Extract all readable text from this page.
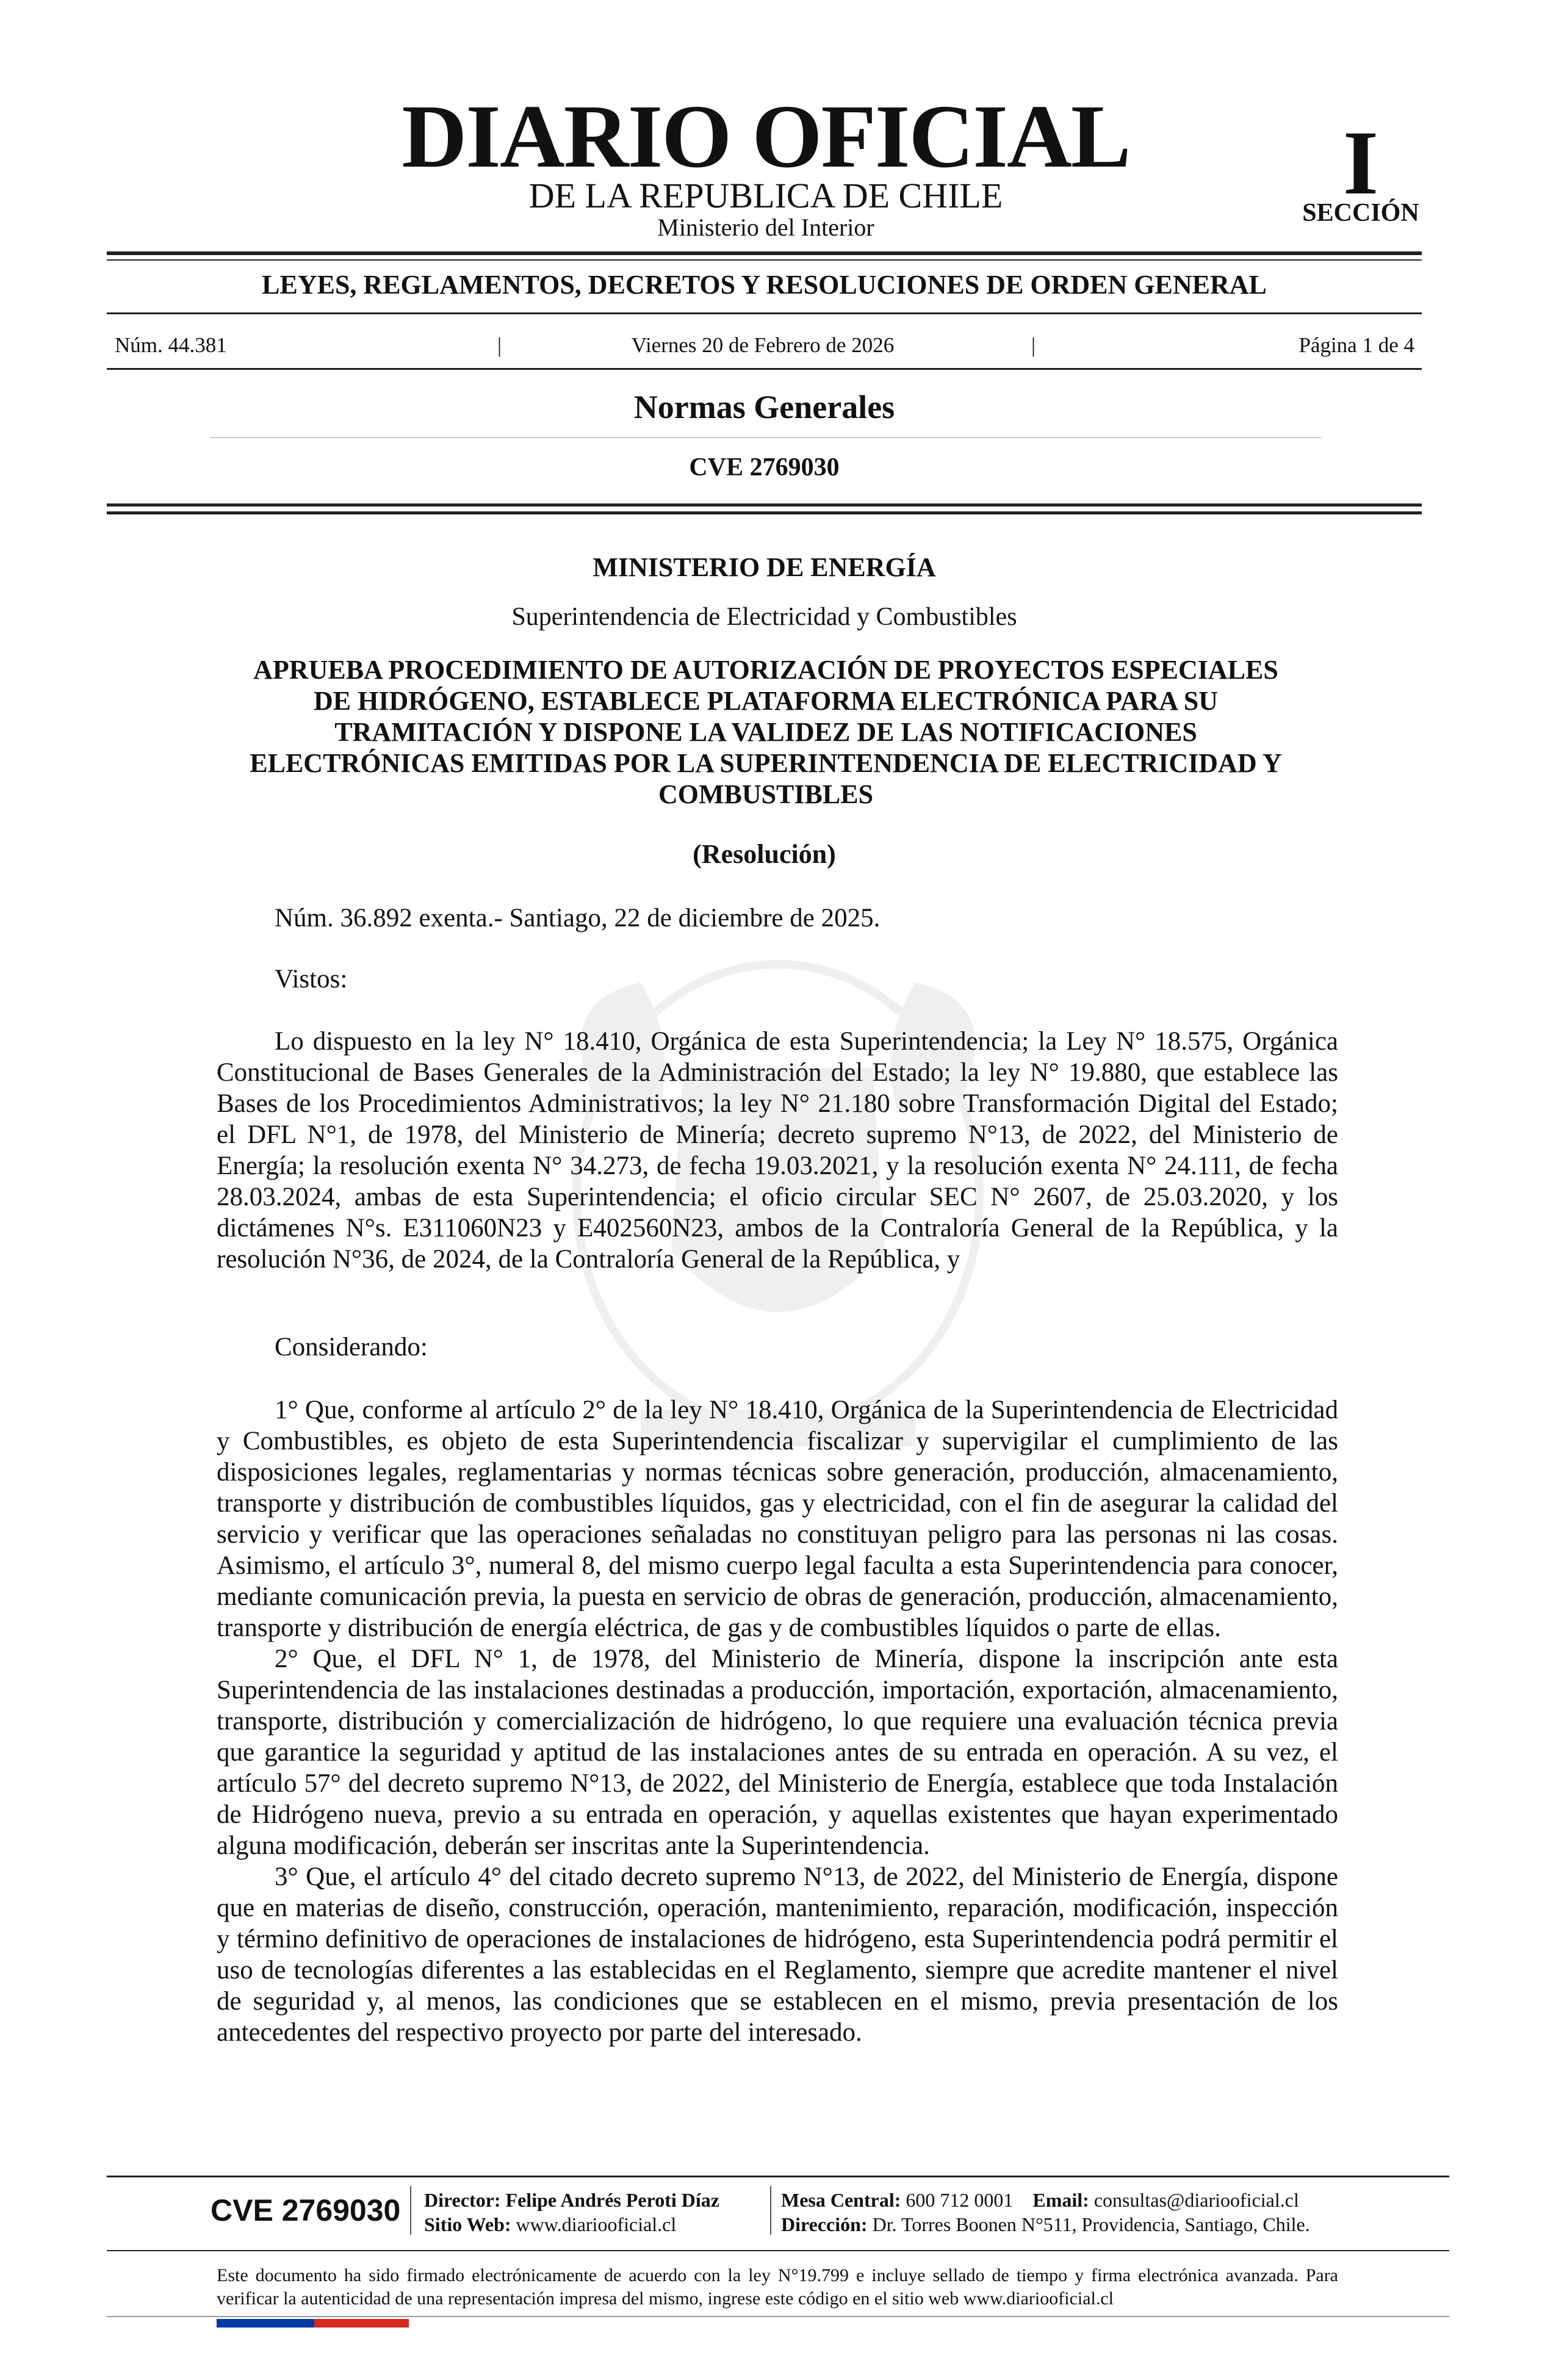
DIARIO OFICIAL
DE LA REPUBLICA DE CHILE
Ministerio del Interior
I
SECCIÓN
LEYES, REGLAMENTOS, DECRETOS Y RESOLUCIONES DE ORDEN GENERAL
Núm. 44.381	|	Viernes 20 de Febrero de 2026	|	Página 1 de 4
Normas Generales
CVE 2769030
MINISTERIO DE ENERGÍA
Superintendencia de Electricidad y Combustibles
APRUEBA PROCEDIMIENTO DE AUTORIZACIÓN DE PROYECTOS ESPECIALES
DE HIDRÓGENO, ESTABLECE PLATAFORMA ELECTRÓNICA PARA SU
TRAMITACIÓN Y DISPONE LA VALIDEZ DE LAS NOTIFICACIONES
ELECTRÓNICAS EMITIDAS POR LA SUPERINTENDENCIA DE ELECTRICIDAD Y
COMBUSTIBLES
(Resolución)
Núm. 36.892 exenta.- Santiago, 22 de diciembre de 2025.
Vistos:

Lo dispuesto en la ley N° 18.410, Orgánica de esta Superintendencia; la Ley N° 18.575, Orgánica Constitucional de Bases Generales de la Administración del Estado; la ley N° 19.880, que establece las Bases de los Procedimientos Administrativos; la ley N° 21.180 sobre Transformación Digital del Estado; el DFL N°1, de 1978, del Ministerio de Minería; decreto supremo N°13, de 2022, del Ministerio de Energía; la resolución exenta N° 34.273, de fecha 19.03.2021, y la resolución exenta N° 24.111, de fecha 28.03.2024, ambas de esta Superintendencia; el oficio circular SEC N° 2607, de 25.03.2020, y los dictámenes N°s. E311060N23 y E402560N23, ambos de la Contraloría General de la República, y la resolución N°36, de 2024, de la Contraloría General de la República, y

Considerando:

1° Que, conforme al artículo 2° de la ley N° 18.410, Orgánica de la Superintendencia de Electricidad y Combustibles, es objeto de esta Superintendencia fiscalizar y supervigilar el cumplimiento de las disposiciones legales, reglamentarias y normas técnicas sobre generación, producción, almacenamiento, transporte y distribución de combustibles líquidos, gas y electricidad, con el fin de asegurar la calidad del servicio y verificar que las operaciones señaladas no constituyan peligro para las personas ni las cosas. Asimismo, el artículo 3°, numeral 8, del mismo cuerpo legal faculta a esta Superintendencia para conocer, mediante comunicación previa, la puesta en servicio de obras de generación, producción, almacenamiento, transporte y distribución de energía eléctrica, de gas y de combustibles líquidos o parte de ellas.

2° Que, el DFL N° 1, de 1978, del Ministerio de Minería, dispone la inscripción ante esta Superintendencia de las instalaciones destinadas a producción, importación, exportación, almacenamiento, transporte, distribución y comercialización de hidrógeno, lo que requiere una evaluación técnica previa que garantice la seguridad y aptitud de las instalaciones antes de su entrada en operación. A su vez, el artículo 57° del decreto supremo N°13, de 2022, del Ministerio de Energía, establece que toda Instalación de Hidrógeno nueva, previo a su entrada en operación, y aquellas existentes que hayan experimentado alguna modificación, deberán ser inscritas ante la Superintendencia.

3° Que, el artículo 4° del citado decreto supremo N°13, de 2022, del Ministerio de Energía, dispone que en materias de diseño, construcción, operación, mantenimiento, reparación, modificación, inspección y término definitivo de operaciones de instalaciones de hidrógeno, esta Superintendencia podrá permitir el uso de tecnologías diferentes a las establecidas en el Reglamento, siempre que acredite mantener el nivel de seguridad y, al menos, las condiciones que se establecen en el mismo, previa presentación de los antecedentes del respectivo proyecto por parte del interesado.

CVE 2769030 Director: Felipe Andrés Peroti Díaz
Sitio Web: www.diariooficial.cl
Mesa Central: 600 712 0001 Email: consultas@diariooficial.cl
Dirección: Dr. Torres Boonen N°511, Providencia, Santiago, Chile.
Este documento ha sido firmado electrónicamente de acuerdo con la ley N°19.799 e incluye sellado de tiempo y firma electrónica avanzada. Para verificar la autenticidad de una representación impresa del mismo, ingrese este código en el sitio web www.diariooficial.cl
